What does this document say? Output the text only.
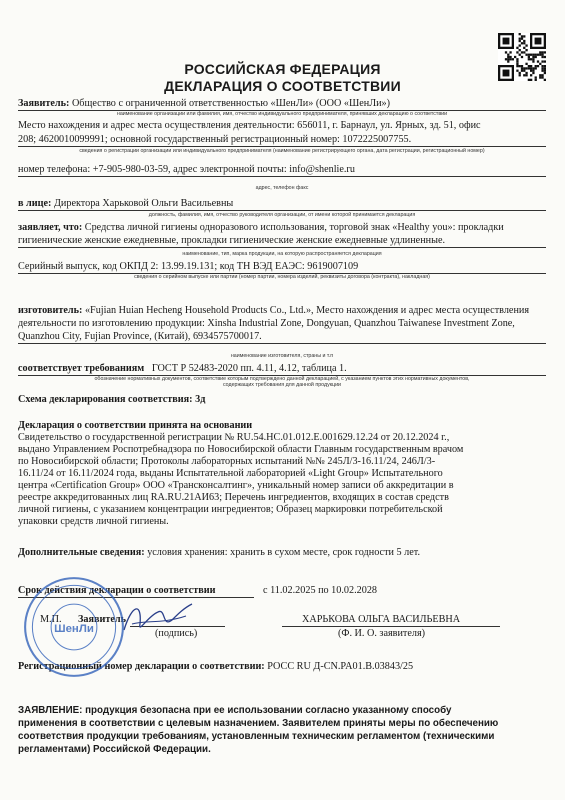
РОССИЙСКАЯ ФЕДЕРАЦИЯ
ДЕКЛАРАЦИЯ О СООТВЕТСТВИИ
Заявитель: Общество с ограниченной ответственностью «ШенЛи» (ООО «ШенЛи»)
наименование организации или фамилия, имя, отчество индивидуального предпринимателя, принявших декларацию о соответствии
Место нахождения и адрес места осуществления деятельности: 656011, г. Барнаул, ул. Ярных, зд. 51, офис
208; 4620010099991; основной государственный регистрационный номер: 1072225007755.
сведения о регистрации организации или индивидуального предпринимателя (наименование регистрирующего органа, дата регистрации, регистрационный номер)
номер телефона: +7-905-980-03-59, адрес электронной почты: info@shenlie.ru
адрес, телефон факс
в лице: Директора Харьковой Ольги Васильевны
должность, фамилия, имя, отчество руководителя организации, от имени которой принимается декларация
заявляет, что: Средства личной гигиены одноразового использования, торговой знак «Healthy you»: прокладки
гигиенические женские ежедневные, прокладки гигиенические женские ежедневные удлиненные.
наименование, тип, марка продукции, на которую распространяется декларация
Серийный выпуск, код ОКПД 2: 13.99.19.131; код ТН ВЭД ЕАЭС: 9619007109
сведения о серийном выпуске или партии (номер партии, номера изделий, реквизиты договора (контракта), накладная)
изготовитель: «Fujian Huian Hecheng Household Products Co., Ltd.», Место нахождения и адрес места осуществления
деятельности по изготовлению продукции: Xinsha Industrial Zone, Dongyuan, Quanzhou Taiwanese Investment Zone,
Quanzhou City, Fujian Province, (Китай), 6934575700017.
наименование изготовителя, страны и т.п
соответствует требованиям ГОСТ Р 52483-2020 пп. 4.11, 4.12, таблица 1.
обозначение нормативных документов, соответствие которым подтверждено данной декларацией, с указанием пунктов этих нормативных документов,
содержащих требования для данной продукции
Схема декларирования соответствия: 3д
Декларация о соответствии принята на основании
Свидетельство о государственной регистрации № RU.54.НС.01.012.Е.001629.12.24 от 20.12.2024 г.,
выдано Управлением Роспотребнадзора по Новосибирской области Главным государственным врачом
по Новосибирской области; Протоколы лабораторных испытаний №№ 245Л/3-16.11/24, 246Л/3-
16.11/24 от 16.11/2024 года, выданы Испытательной лабораторией «Light Group» Испытательного
центра «Certification Group» ООО «Трансконсалтинг», уникальный номер записи об аккредитации в
реестре аккредитованных лиц RA.RU.21АИ63; Перечень ингредиентов, входящих в состав средств
личной гигиены, с указанием концентрации ингредиентов; Образец маркировки потребительской
упаковки средств личной гигиены.
Дополнительные сведения: условия хранения: хранить в сухом месте, срок годности 5 лет.
Срок действия декларации о соответствии	с 11.02.2025 по 10.02.2028
М.П. Заявитель
(подпись)
ХАРЬКОВА ОЛЬГА ВАСИЛЬЕВНА
(Ф. И. О. заявителя)
Регистрационный номер декларации о соответствии: РОСС RU Д-CN.PA01.B.03843/25
ЗАЯВЛЕНИЕ: продукция безопасна при ее использовании согласно указанному способу
применения в соответствии с целевым назначением. Заявителем приняты меры по обеспечению
соответствия продукции требованиям, установленным техническим регламентом (техническими
регламентами) Российской Федерации.
ШенЛи
